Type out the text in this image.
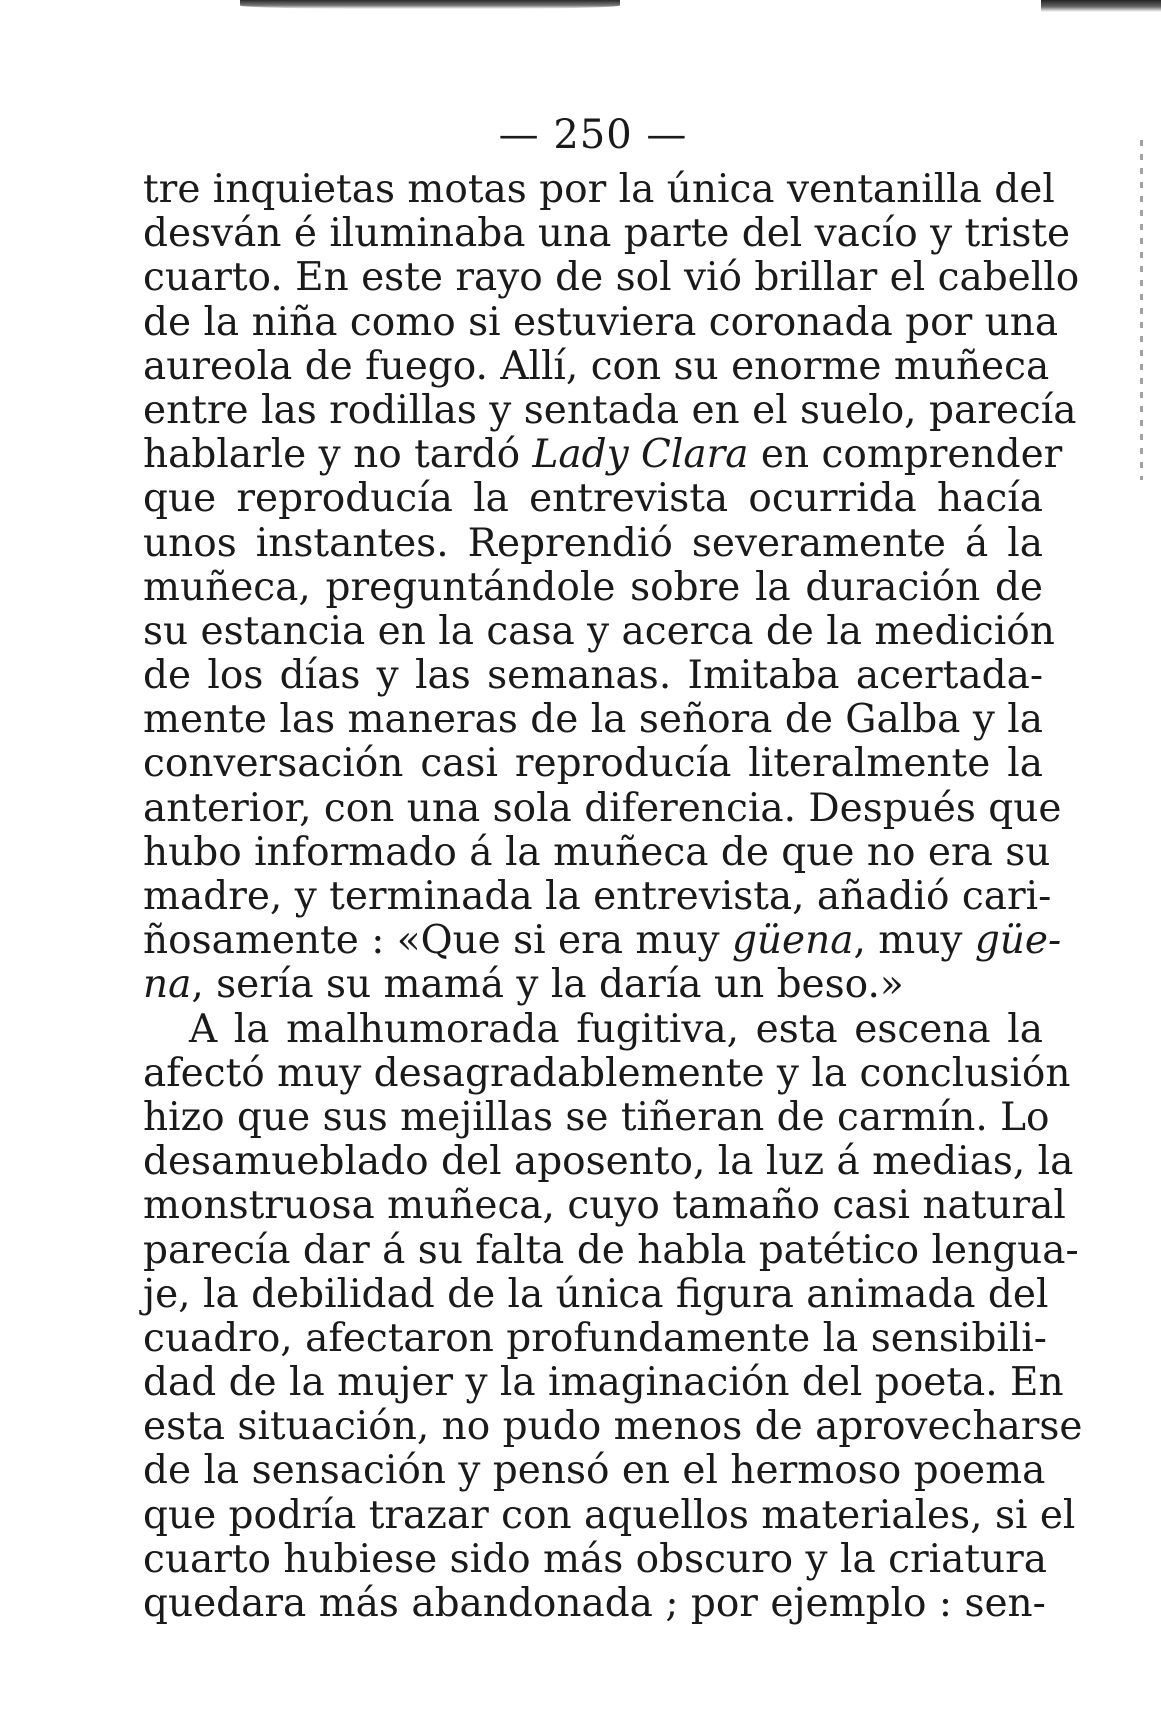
— 250 —
tre inquietas motas por la única ventanilla del
desván é iluminaba una parte del vacío y triste
cuarto. En este rayo de sol vió brillar el cabello
de la niña como si estuviera coronada por una
aureola de fuego. Allí, con su enorme muñeca
entre las rodillas y sentada en el suelo, parecía
hablarle y no tardó Lady Clara en comprender
que reproducía la entrevista ocurrida hacía
unos instantes. Reprendió severamente á la
muñeca, preguntándole sobre la duración de
su estancia en la casa y acerca de la medición
de los días y las semanas. Imitaba acertada-
mente las maneras de la señora de Galba y la
conversación casi reproducía literalmente la
anterior, con una sola diferencia. Después que
hubo informado á la muñeca de que no era su
madre, y terminada la entrevista, añadió cari-
ñosamente : «Que si era muy güena, muy güe-
na, sería su mamá y la daría un beso.»
A la malhumorada fugitiva, esta escena la
afectó muy desagradablemente y la conclusión
hizo que sus mejillas se tiñeran de carmín. Lo
desamueblado del aposento, la luz á medias, la
monstruosa muñeca, cuyo tamaño casi natural
parecía dar á su falta de habla patético lengua-
je, la debilidad de la única figura animada del
cuadro, afectaron profundamente la sensibili-
dad de la mujer y la imaginación del poeta. En
esta situación, no pudo menos de aprovecharse
de la sensación y pensó en el hermoso poema
que podría trazar con aquellos materiales, si el
cuarto hubiese sido más obscuro y la criatura
quedara más abandonada ; por ejemplo : sen-
